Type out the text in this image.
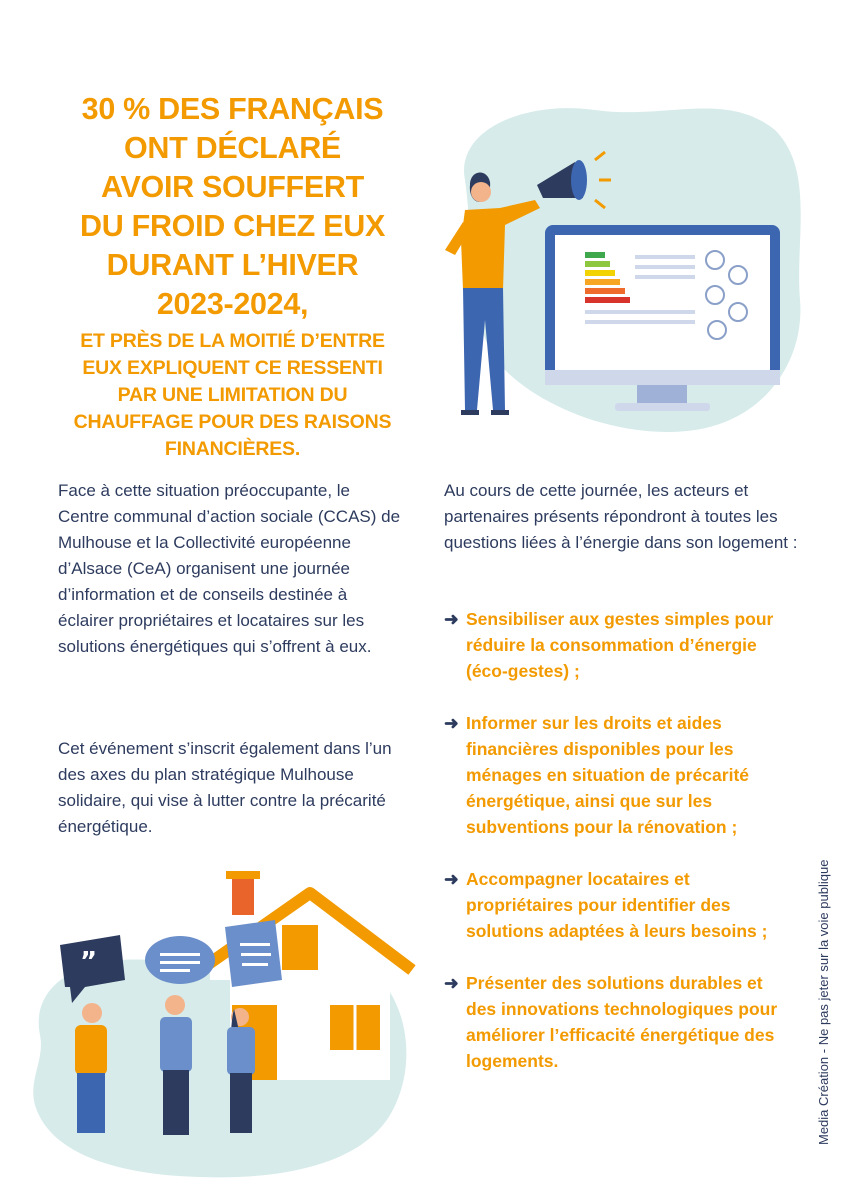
30 % DES FRANÇAIS
ONT DÉCLARÉ
AVOIR SOUFFERT
DU FROID CHEZ EUX
DURANT L’HIVER
2023-2024,
ET PRÈS DE LA MOITIÉ D’ENTRE
EUX EXPLIQUENT CE RESSENTI
PAR UNE LIMITATION DU
CHAUFFAGE POUR DES RAISONS
FINANCIÈRES.
Face à cette situation préoccupante, le Centre communal d’action sociale (CCAS) de Mulhouse et la Collectivité européenne d’Alsace (CeA) organisent une journée d’information et de conseils destinée à éclairer propriétaires et locataires sur les solutions énergétiques qui s’offrent à eux.
Cet événement s’inscrit également dans l’un des axes du plan stratégique Mulhouse solidaire, qui vise à lutter contre la précarité énergétique.
Au cours de cette journée, les acteurs et partenaires présents répondront à toutes les questions liées à l’énergie dans son logement :
➜ Sensibiliser aux gestes simples pour réduire la consommation d’énergie (éco-gestes) ;
➜ Informer sur les droits et aides financières disponibles pour les ménages en situation de précarité énergétique, ainsi que sur les subventions pour la rénovation ;
➜ Accompagner locataires et propriétaires pour identifier des solutions adaptées à leurs besoins ;
➜ Présenter des solutions durables et des innovations technologiques pour améliorer l’efficacité énergétique des logements.
”	Media Création - Ne pas jeter sur la voie publique
